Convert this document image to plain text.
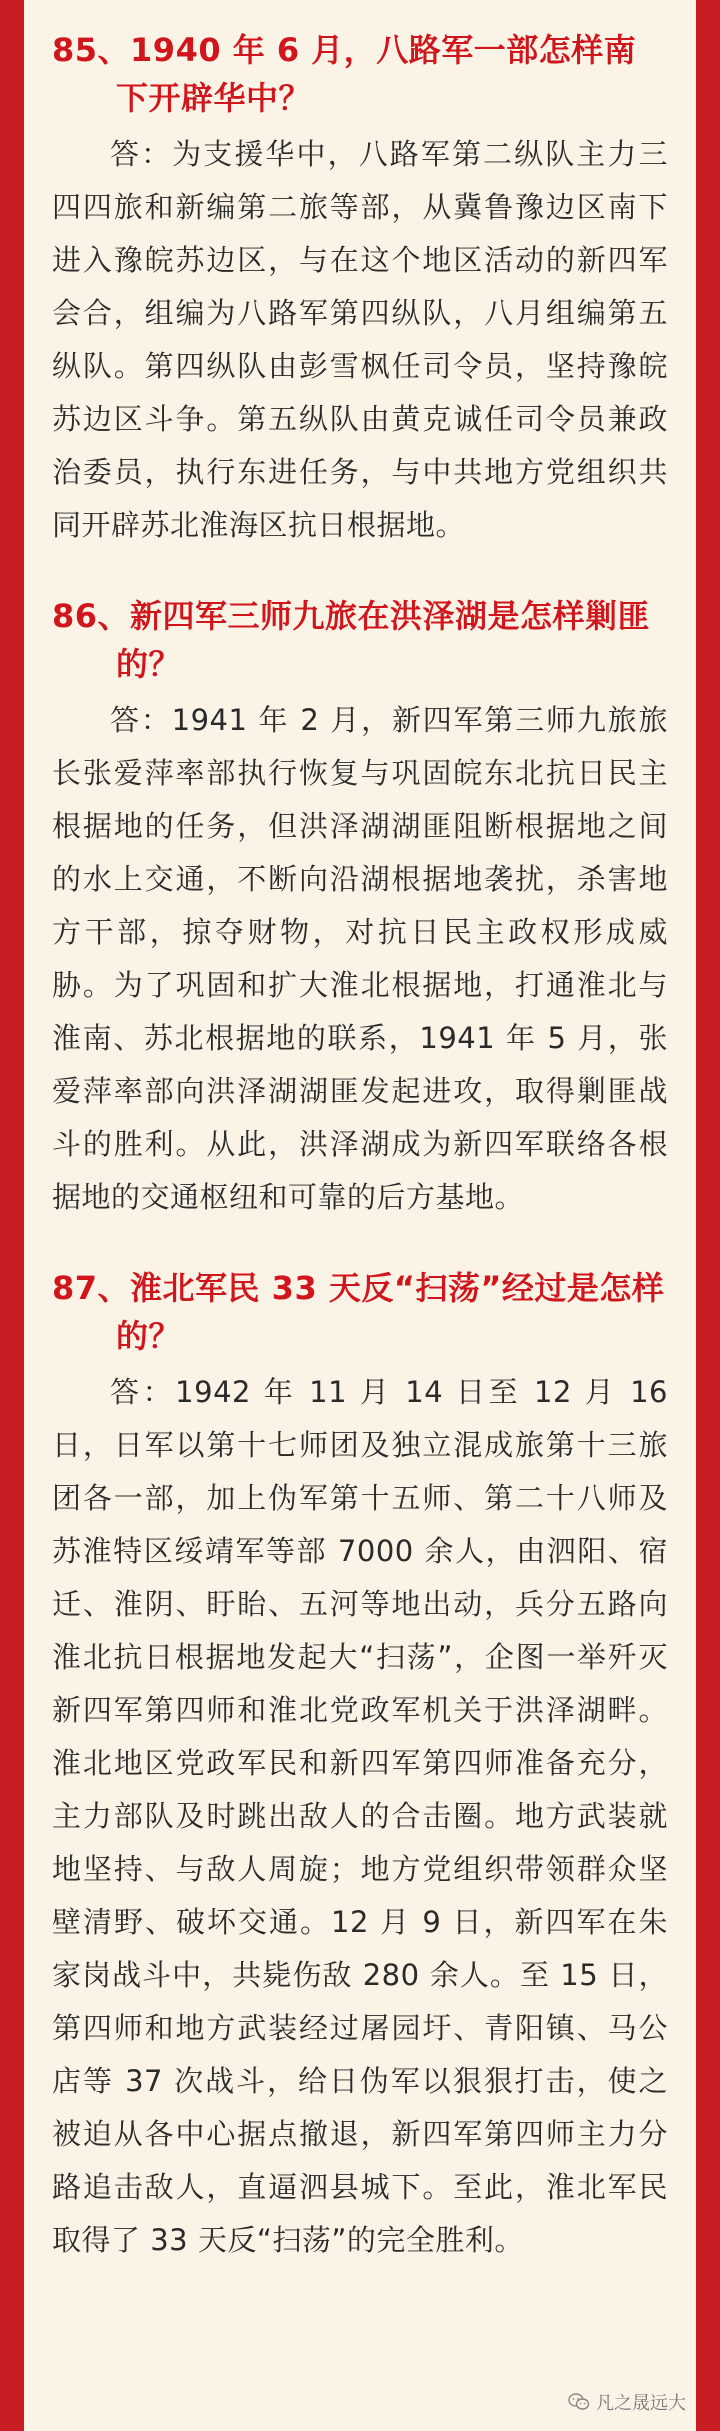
85、1940 年 6 月，八路军一部怎样南下开辟华中？

答：为支援华中，八路军第二纵队主力三四四旅和新编第二旅等部，从冀鲁豫边区南下进入豫皖苏边区，与在这个地区活动的新四军会合，组编为八路军第四纵队，八月组编第五纵队。第四纵队由彭雪枫任司令员，坚持豫皖苏边区斗争。第五纵队由黄克诚任司令员兼政治委员，执行东进任务，与中共地方党组织共同开辟苏北淮海区抗日根据地。

86、新四军三师九旅在洪泽湖是怎样剿匪的？

答：1941 年 2 月，新四军第三师九旅旅长张爱萍率部执行恢复与巩固皖东北抗日民主根据地的任务，但洪泽湖湖匪阻断根据地之间的水上交通，不断向沿湖根据地袭扰，杀害地方干部，掠夺财物，对抗日民主政权形成威胁。为了巩固和扩大淮北根据地，打通淮北与淮南、苏北根据地的联系，1941 年 5 月，张爱萍率部向洪泽湖湖匪发起进攻，取得剿匪战斗的胜利。从此，洪泽湖成为新四军联络各根据地的交通枢纽和可靠的后方基地。

87、淮北军民 33 天反“扫荡”经过是怎样的？

答：1942 年 11 月 14 日至 12 月 16 日，日军以第十七师团及独立混成旅第十三旅团各一部，加上伪军第十五师、第二十八师及苏淮特区绥靖军等部 7000 余人，由泗阳、宿迁、淮阴、盱眙、五河等地出动，兵分五路向淮北抗日根据地发起大“扫荡”，企图一举歼灭新四军第四师和淮北党政军机关于洪泽湖畔。淮北地区党政军民和新四军第四师准备充分，主力部队及时跳出敌人的合击圈。地方武装就地坚持、与敌人周旋；地方党组织带领群众坚壁清野、破坏交通。12 月 9 日，新四军在朱家岗战斗中，共毙伤敌 280 余人。至 15 日，第四师和地方武装经过屠园圩、青阳镇、马公店等 37 次战斗，给日伪军以狠狠打击，使之被迫从各中心据点撤退，新四军第四师主力分路追击敌人，直逼泗县城下。至此，淮北军民取得了 33 天反“扫荡”的完全胜利。

凡之晟远大
